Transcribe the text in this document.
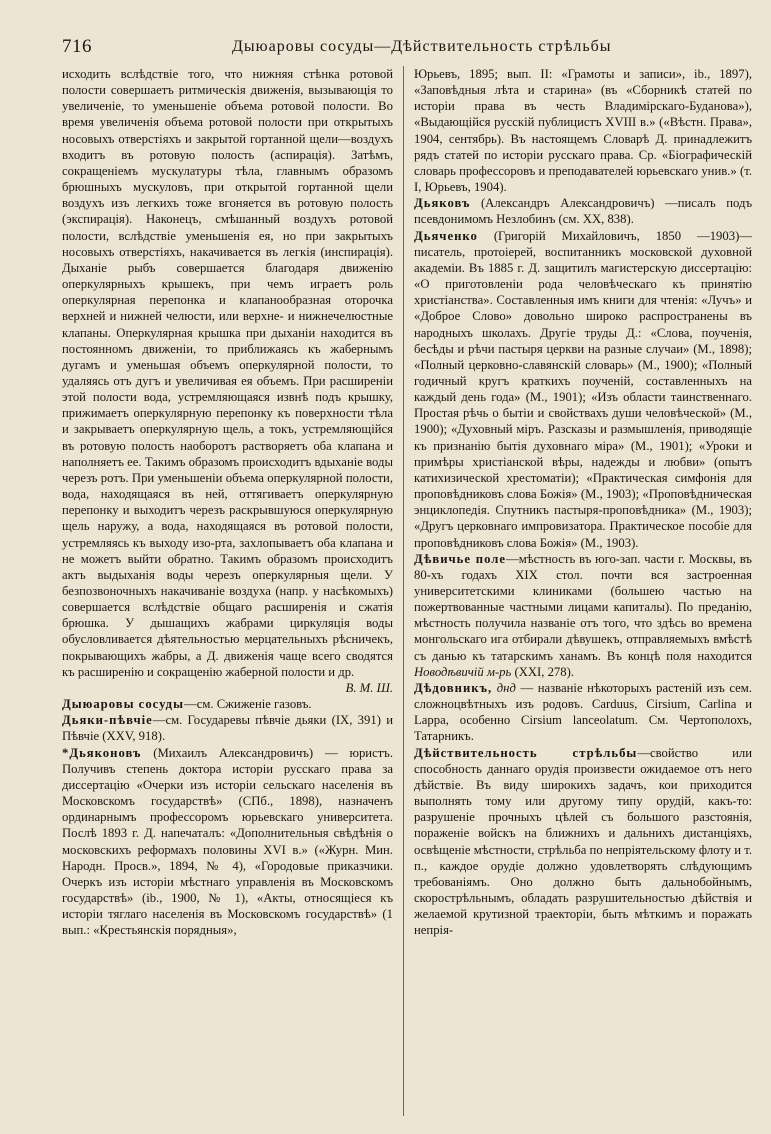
716	Дыюаровы сосуды—Дѣйствительность стрѣльбы

исходить вслѣдствіе того, что нижняя стѣнка ротовой полости совершаетъ ритмическія движенія, вызывающія то увеличеніе, то уменьшеніе объема ротовой полости. Во время увеличенія объема ротовой полости при открытыхъ носовыхъ отверстіяхъ и закрытой гортанной щели—воздухъ входитъ въ ротовую полость (аспирація). Затѣмъ, сокращеніемъ мускулатуры тѣла, главнымъ образомъ брюшныхъ мускуловъ, при открытой гортанной щели воздухъ изъ легкихъ тоже вгоняется въ ротовую полость (экспирація). Наконецъ, смѣшанный воздухъ ротовой полости, вслѣдствіе уменьшенія ея, но при закрытыхъ носовыхъ отверстіяхъ, накачивается въ легкія (инспирація). Дыханіе рыбъ совершается благодаря движенію оперкулярныхъ крышекъ, при чемъ играетъ роль оперкулярная перепонка и клапанообразная оторочка верхней и нижней челюсти, или верхне- и нижнечелюстные клапаны. Оперкулярная крышка при дыханіи находится въ постоянномъ движеніи, то приближаясь къ жабернымъ дугамъ и уменьшая объемъ оперкулярной полости, то удаляясь отъ дугъ и увеличивая ея объемъ. При расширеніи этой полости вода, устремляющаяся извнѣ подъ крышку, прижимаетъ оперкулярную перепонку къ поверхности тѣла и закрываетъ оперкулярную щель, а токъ, устремляющійся въ ротовую полость наоборотъ растворяетъ оба клапана и наполняетъ ее. Такимъ образомъ происходитъ вдыханіе воды черезъ ротъ. При уменьшеніи объема оперкулярной полости, вода, находящаяся въ ней, оттягиваетъ оперкулярную перепонку и выходитъ черезъ раскрывшуюся оперкулярную щель наружу, а вода, находящаяся въ ротовой полости, устремляясь къ выходу изо-рта, захлопываетъ оба клапана и не можетъ выйти обратно. Такимъ образомъ происходитъ актъ выдыханія воды черезъ оперкулярныя щели. У безпозвоночныхъ накачиваніе воздуха (напр. у насѣкомыхъ) совершается вслѣдствіе общаго расширенія и сжатія брюшка. У дышащихъ жабрами циркуляція воды обусловливается дѣятельностью мерцательныхъ рѣсничекъ, покрывающихъ жабры, а Д. движенія чаще всего сводятся къ расширенію и сокращенію жаберной полости и др.
В. М. Ш.

Дыюаровы сосуды—см. Сжиженіе газовъ.

Дьяки-пѣвчіе—см. Государевы пѣвчіе дьяки (IX, 391) и Пѣвчіе (XXV, 918).

*Дьяконовъ (Михаилъ Александровичъ) — юристъ. Получивъ степень доктора исторіи русскаго права за диссертацію «Очерки изъ исторіи сельскаго населенія въ Московскомъ государствѣ» (СПб., 1898), назначенъ ординарнымъ профессоромъ юрьевскаго университета. Послѣ 1893 г. Д. напечаталъ: «Дополнительныя свѣдѣнія о московскихъ реформахъ половины XVI в.» («Журн. Мин. Народн. Просв.», 1894, № 4), «Городовые приказчики. Очеркъ изъ исторіи мѣстнаго управленія въ Московскомъ государствѣ» (ib., 1900, № 1), «Акты, относящіеся къ исторіи тяглаго населенія въ Московскомъ государствѣ» (1 вып.: «Крестьянскія порядныя»,

Юрьевъ, 1895; вып. II: «Грамоты и записи», ib., 1897), «Заповѣдныя лѣта и старина» (въ «Сборникѣ статей по исторіи права въ честь Владимірскаго-Буданова»), «Выдающійся русскій публицистъ XVIII в.» («Вѣстн. Права», 1904, сентябрь). Въ настоящемъ Словарѣ Д. принадлежитъ рядъ статей по исторіи русскаго права. Ср. «Біографическій словарь профессоровъ и преподавателей юрьевскаго унив.» (т. I, Юрьевъ, 1904).

Дьяковъ (Александръ Александровичъ) —писалъ подъ псевдонимомъ Незлобинъ (см. XX, 838).

Дьяченко (Григорій Михайловичъ, 1850 —1903)—писатель, протоіерей, воспитанникъ московской духовной академіи. Въ 1885 г. Д. защитилъ магистерскую диссертацію: «О приготовленіи рода человѣческаго къ принятію христіанства». Составленныя имъ книги для чтенія: «Лучъ» и «Доброе Слово» довольно широко распространены въ народныхъ школахъ. Другіе труды Д.: «Слова, поученія, бесѣды и рѣчи пастыря церкви на разные случаи» (М., 1898); «Полный церковно-славянскій словарь» (М., 1900); «Полный годичный кругъ краткихъ поученій, составленныхъ на каждый день года» (М., 1901); «Изъ области таинственнаго. Простая рѣчь о бытіи и свойствахъ души человѣческой» (М., 1900); «Духовный міръ. Разсказы и размышленія, приводящіе къ признанію бытія духовнаго міра» (М., 1901); «Уроки и примѣры христіанской вѣры, надежды и любви» (опытъ катихизической хрестоматіи); «Практическая симфонія для проповѣдниковъ слова Божія» (М., 1903); «Проповѣдническая энциклопедія. Спутникъ пастыря-проповѣдника» (М., 1903); «Другъ церковнаго импровизатора. Практическое пособіе для проповѣдниковъ слова Божія» (М., 1903).

Дѣвичье поле—мѣстность въ юго-зап. части г. Москвы, въ 80-хъ годахъ XIX стол. почти вся застроенная университетскими клиниками (большею частью на пожертвованные частными лицами капиталы). По преданію, мѣстность получила названіе отъ того, что здѣсь во времена монгольскаго ига отбирали дѣвушекъ, отправляемыхъ вмѣстѣ съ данью къ татарскимъ ханамъ. Въ концѣ поля находится Новодѣвичій м-рь (XXI, 278).

Дѣдовникъ, днд — названіе нѣкоторыхъ растеній изъ сем. сложноцвѣтныхъ изъ родовъ. Carduus, Cirsium, Carlina и Lappa, особенно Cirsium lanceolatum. См. Чертополохъ, Татарникъ.

Дѣйствительность стрѣльбы—свойство или способность даннаго орудія произвести ожидаемое отъ него дѣйствіе. Въ виду широкихъ задачъ, кои приходится выполнять тому или другому типу орудій, какъ-то: разрушеніе прочныхъ цѣлей съ большого разстоянія, пораженіе войскъ на ближнихъ и дальнихъ дистанціяхъ, освѣщеніе мѣстности, стрѣльба по непріятельскому флоту и т. п., каждое орудіе должно удовлетворять слѣдующимъ требованіямъ. Оно должно быть дальнобойнымъ, скорострѣльнымъ, обладать разрушительностью дѣйствія и желаемой крутизной траекторіи, быть мѣткимъ и поражать непрія-
